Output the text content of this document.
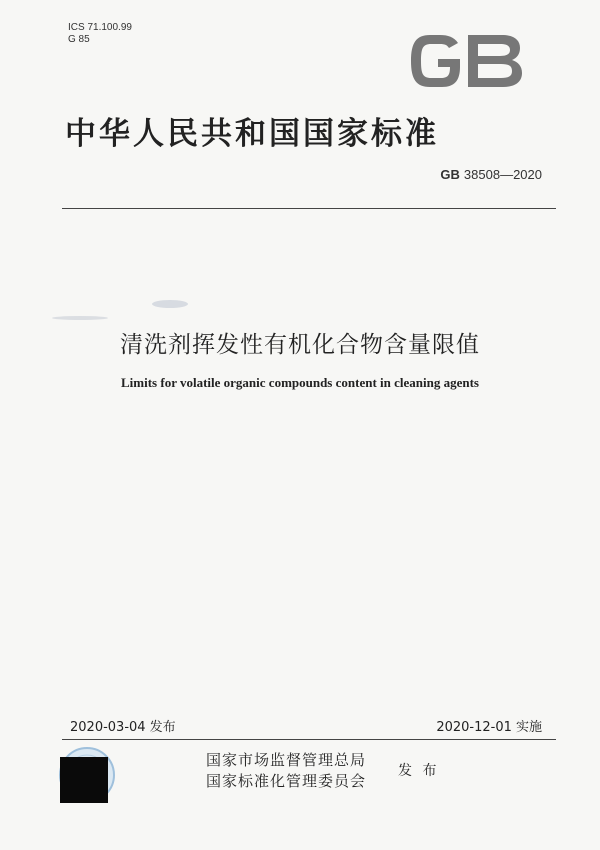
ICS 71.100.99
G 85
中华人民共和国国家标准
GB 38508—2020
清洗剂挥发性有机化合物含量限值
Limits for volatile organic compounds content in cleaning agents
2020-03-04 发布	2020-12-01 实施
国家市场监督管理总局
国家标准化管理委员会
发 布
